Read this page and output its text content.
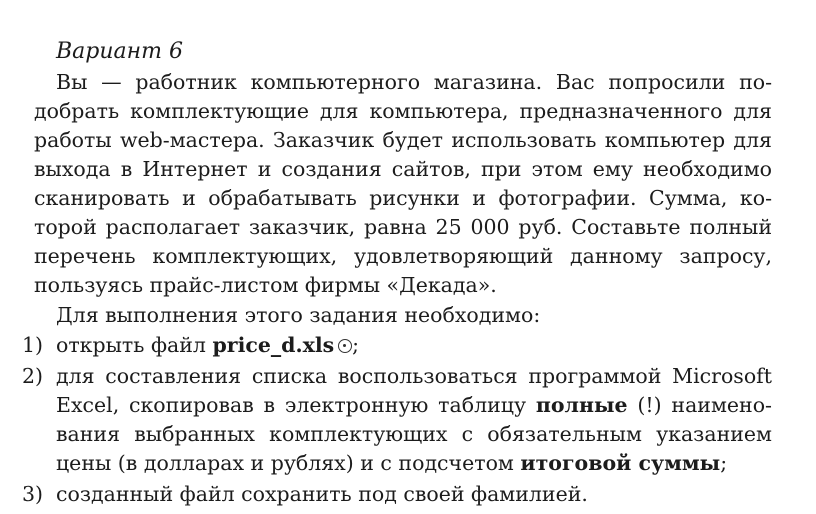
Вариант 6
Вы — работник компьютерного магазина. Вас попросили по-
добрать комплектующие для компьютера, предназначенного для
работы web-мастера. Заказчик будет использовать компьютер для
выхода в Интернет и создания сайтов, при этом ему необходимо
сканировать и обрабатывать рисунки и фотографии. Сумма, ко-
торой располагает заказчик, равна 25 000 руб. Составьте полный
перечень комплектующих, удовлетворяющий данному запросу,
пользуясь прайс-листом фирмы «Декада».
Для выполнения этого задания необходимо:
1) открыть файл price_d.xls ;
2) для составления списка воспользоваться программой Microsoft
Excel, скопировав в электронную таблицу полные (!) наимено-
вания выбранных комплектующих с обязательным указанием
цены (в долларах и рублях) и с подсчетом итоговой суммы;
3) созданный файл сохранить под своей фамилией.
